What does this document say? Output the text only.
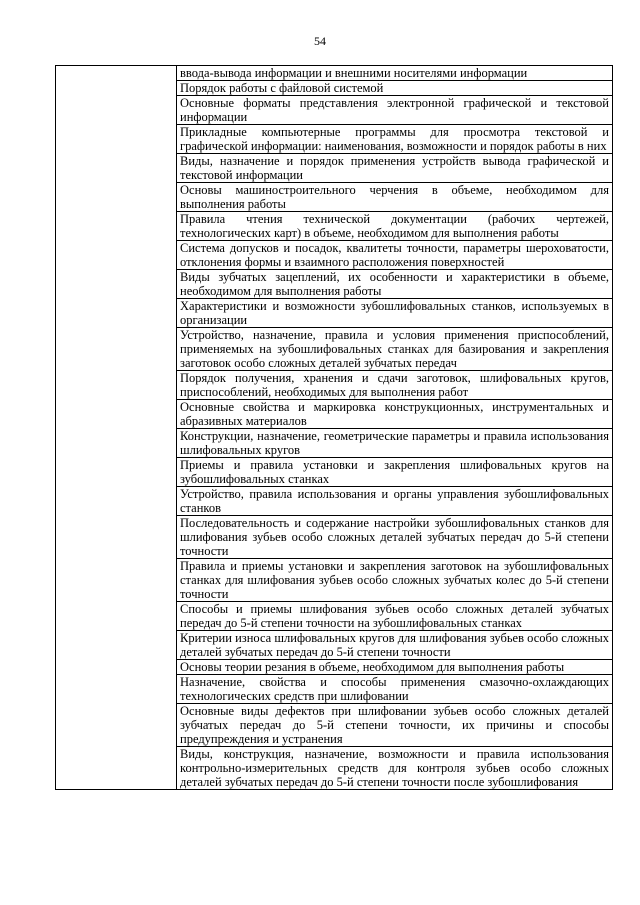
54
	ввода-вывода информации и внешними носителями информации
Порядок работы с файловой системой
Основные форматы представления электронной графической и текстовой информации
Прикладные компьютерные программы для просмотра текстовой и графической информации: наименования, возможности и порядок работы в них
Виды, назначение и порядок применения устройств вывода графической и текстовой информации
Основы машиностроительного черчения в объеме, необходимом для выполнения работы
Правила чтения технической документации (рабочих чертежей, технологических карт) в объеме, необходимом для выполнения работы
Система допусков и посадок, квалитеты точности, параметры шероховатости, отклонения формы и взаимного расположения поверхностей
Виды зубчатых зацеплений, их особенности и характеристики в объеме, необходимом для выполнения работы
Характеристики и возможности зубошлифовальных станков, используемых в организации
Устройство, назначение, правила и условия применения приспособлений, применяемых на зубошлифовальных станках для базирования и закрепления заготовок особо сложных деталей зубчатых передач
Порядок получения, хранения и сдачи заготовок, шлифовальных кругов, приспособлений, необходимых для выполнения работ
Основные свойства и маркировка конструкционных, инструментальных и абразивных материалов
Конструкции, назначение, геометрические параметры и правила использования шлифовальных кругов
Приемы и правила установки и закрепления шлифовальных кругов на зубошлифовальных станках
Устройство, правила использования и органы управления зубошлифовальных станков
Последовательность и содержание настройки зубошлифовальных станков для шлифования зубьев особо сложных деталей зубчатых передач до 5-й степени точности
Правила и приемы установки и закрепления заготовок на зубошлифовальных станках для шлифования зубьев особо сложных зубчатых колес до 5-й степени точности
Способы и приемы шлифования зубьев особо сложных деталей зубчатых передач до 5-й степени точности на зубошлифовальных станках
Критерии износа шлифовальных кругов для шлифования зубьев особо сложных деталей зубчатых передач до 5-й степени точности
Основы теории резания в объеме, необходимом для выполнения работы
Назначение, свойства и способы применения смазочно-охлаждающих технологических средств при шлифовании
Основные виды дефектов при шлифовании зубьев особо сложных деталей зубчатых передач до 5-й степени точности, их причины и способы предупреждения и устранения
Виды, конструкция, назначение, возможности и правила использования контрольно-измерительных средств для контроля зубьев особо сложных деталей зубчатых передач до 5-й степени точности после зубошлифования
